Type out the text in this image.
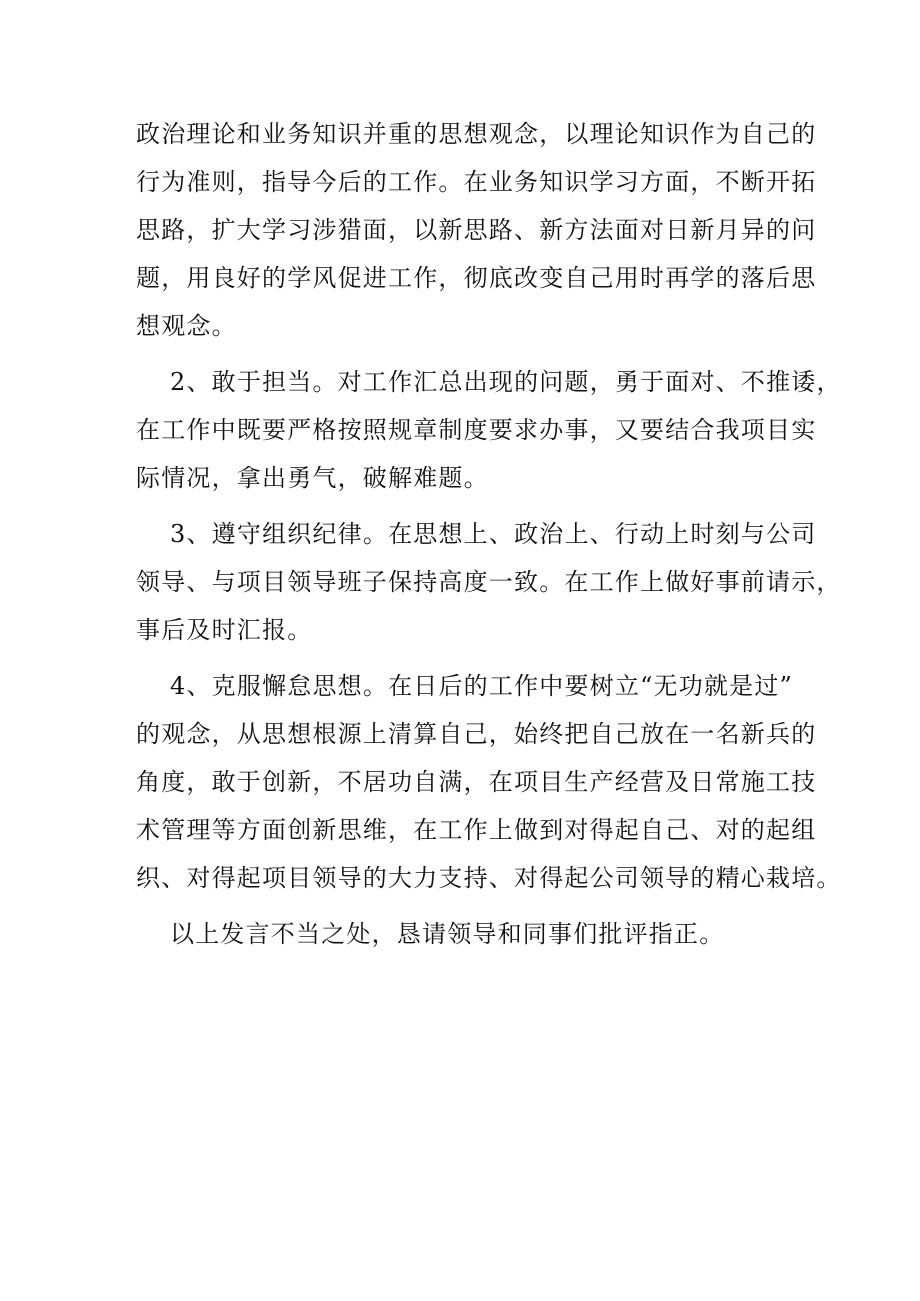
政治理论和业务知识并重的思想观念，以理论知识作为自己的
行为准则，指导今后的工作。在业务知识学习方面，不断开拓
思路，扩大学习涉猎面，以新思路、新方法面对日新月异的问
题，用良好的学风促进工作，彻底改变自己用时再学的落后思
想观念。
2、敢于担当。对工作汇总出现的问题，勇于面对、不推诿，
在工作中既要严格按照规章制度要求办事，又要结合我项目实
际情况，拿出勇气，破解难题。
3、遵守组织纪律。在思想上、政治上、行动上时刻与公司
领导、与项目领导班子保持高度一致。在工作上做好事前请示，
事后及时汇报。
4、克服懈怠思想。在日后的工作中要树立“无功就是过”
的观念，从思想根源上清算自己，始终把自己放在一名新兵的
角度，敢于创新，不居功自满，在项目生产经营及日常施工技
术管理等方面创新思维，在工作上做到对得起自己、对的起组
织、对得起项目领导的大力支持、对得起公司领导的精心栽培。
以上发言不当之处，恳请领导和同事们批评指正。
